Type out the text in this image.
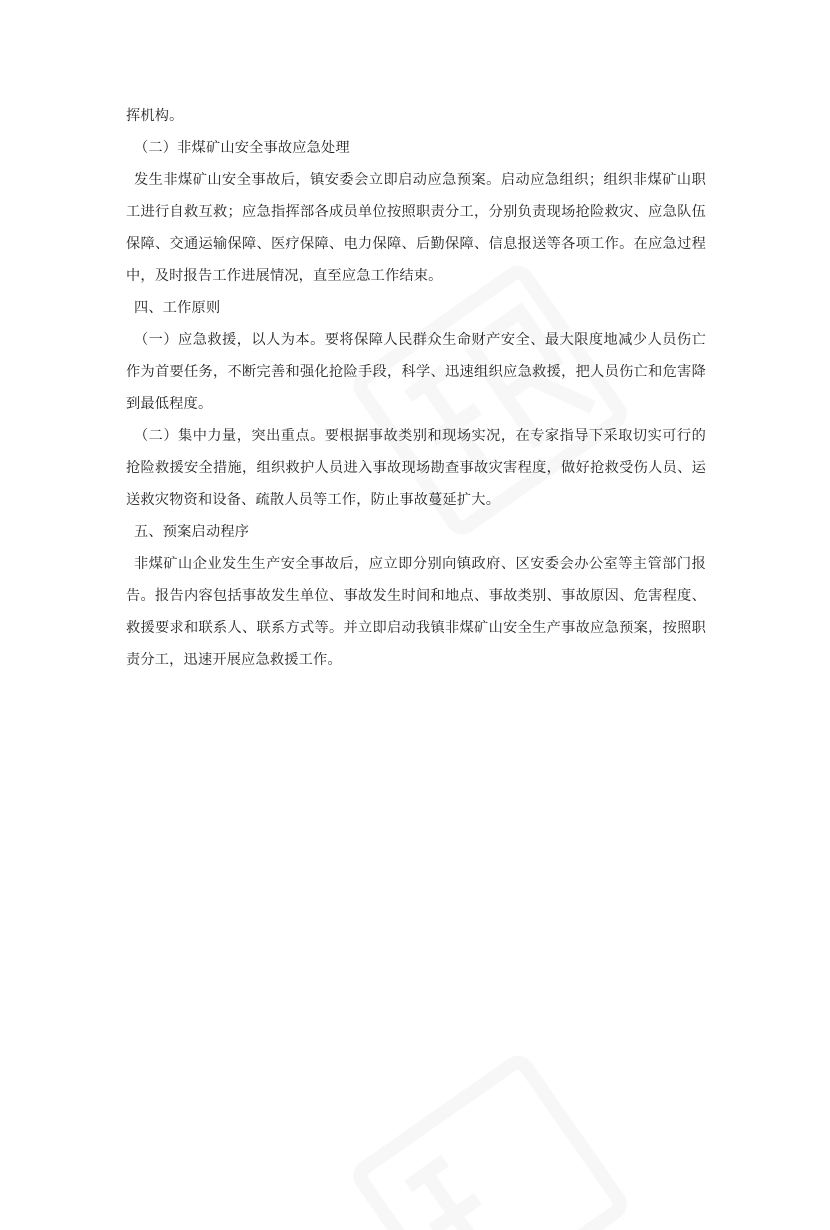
挥机构。

（二）非煤矿山安全事故应急处理

发生非煤矿山安全事故后，镇安委会立即启动应急预案。启动应急组织；组织非煤矿山职工进行自救互救；应急指挥部各成员单位按照职责分工，分别负责现场抢险救灾、应急队伍保障、交通运输保障、医疗保障、电力保障、后勤保障、信息报送等各项工作。在应急过程中，及时报告工作进展情况，直至应急工作结束。

四、工作原则

（一）应急救援，以人为本。要将保障人民群众生命财产安全、最大限度地减少人员伤亡作为首要任务，不断完善和强化抢险手段，科学、迅速组织应急救援，把人员伤亡和危害降到最低程度。

（二）集中力量，突出重点。要根据事故类别和现场实况，在专家指导下采取切实可行的抢险救援安全措施，组织救护人员进入事故现场勘查事故灾害程度，做好抢救受伤人员、运送救灾物资和设备、疏散人员等工作，防止事故蔓延扩大。

五、预案启动程序

非煤矿山企业发生生产安全事故后，应立即分别向镇政府、区安委会办公室等主管部门报告。报告内容包括事故发生单位、事故发生时间和地点、事故类别、事故原因、危害程度、救援要求和联系人、联系方式等。并立即启动我镇非煤矿山安全生产事故应急预案，按照职责分工，迅速开展应急救援工作。
